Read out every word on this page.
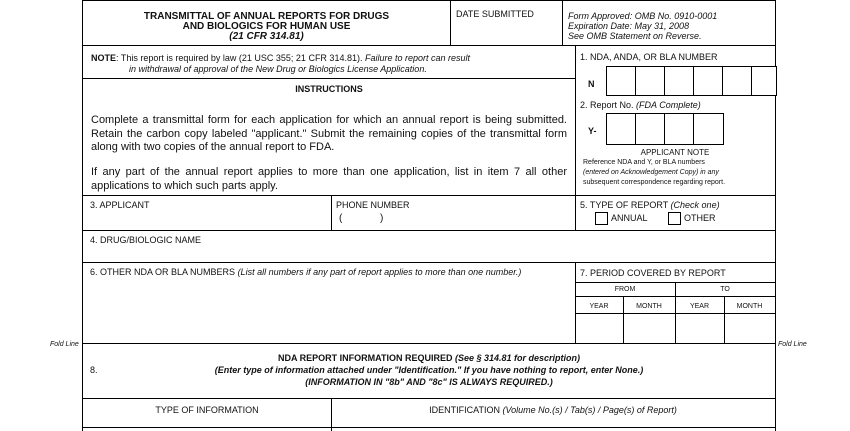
Fold Line	Fold Line
TRANSMITTAL OF ANNUAL REPORTS FOR DRUGS
AND BIOLOGICS FOR HUMAN USE
(21 CFR 314.81)
DATE SUBMITTED	Form Approved: OMB No. 0910-0001
Expiration Date: May 31, 2008
See OMB Statement on Reverse.
NOTE: This report is required by law (21 USC 355; 21 CFR 314.81). Failure to report can result
in withdrawal of approval of the New Drug or Biologics License Application.
INSTRUCTIONS
Complete a transmittal form for each application for which an annual report is being submitted. Retain the carbon copy labeled "applicant." Submit the remaining copies of the transmittal form along with two copies of the annual report to FDA.
If any part of the annual report applies to more than one application, list in item 7 all other applications to which such parts apply.
1. NDA, ANDA, OR BLA NUMBER
N
2. Report No. (FDA Complete)
Y-
APPLICANT NOTE
Reference NDA and Y, or BLA numbers
(entered on Acknowledgement Copy) in any
subsequent correspondence regarding report.
3. APPLICANT	PHONE NUMBER
(	)
5. TYPE OF REPORT (Check one)
ANNUAL	OTHER
4. DRUG/BIOLOGIC NAME
6. OTHER NDA OR BLA NUMBERS (List all numbers if any part of report applies to more than one number.)	7. PERIOD COVERED BY REPORT
FROM	TO
YEAR	MONTH	YEAR	MONTH
8.
NDA REPORT INFORMATION REQUIRED (See § 314.81 for description)
(Enter type of information attached under "Identification." If you have nothing to report, enter None.)
(INFORMATION IN "8b" AND "8c" IS ALWAYS REQUIRED.)
TYPE OF INFORMATION	IDENTIFICATION (Volume No.(s) / Tab(s) / Page(s) of Report)
